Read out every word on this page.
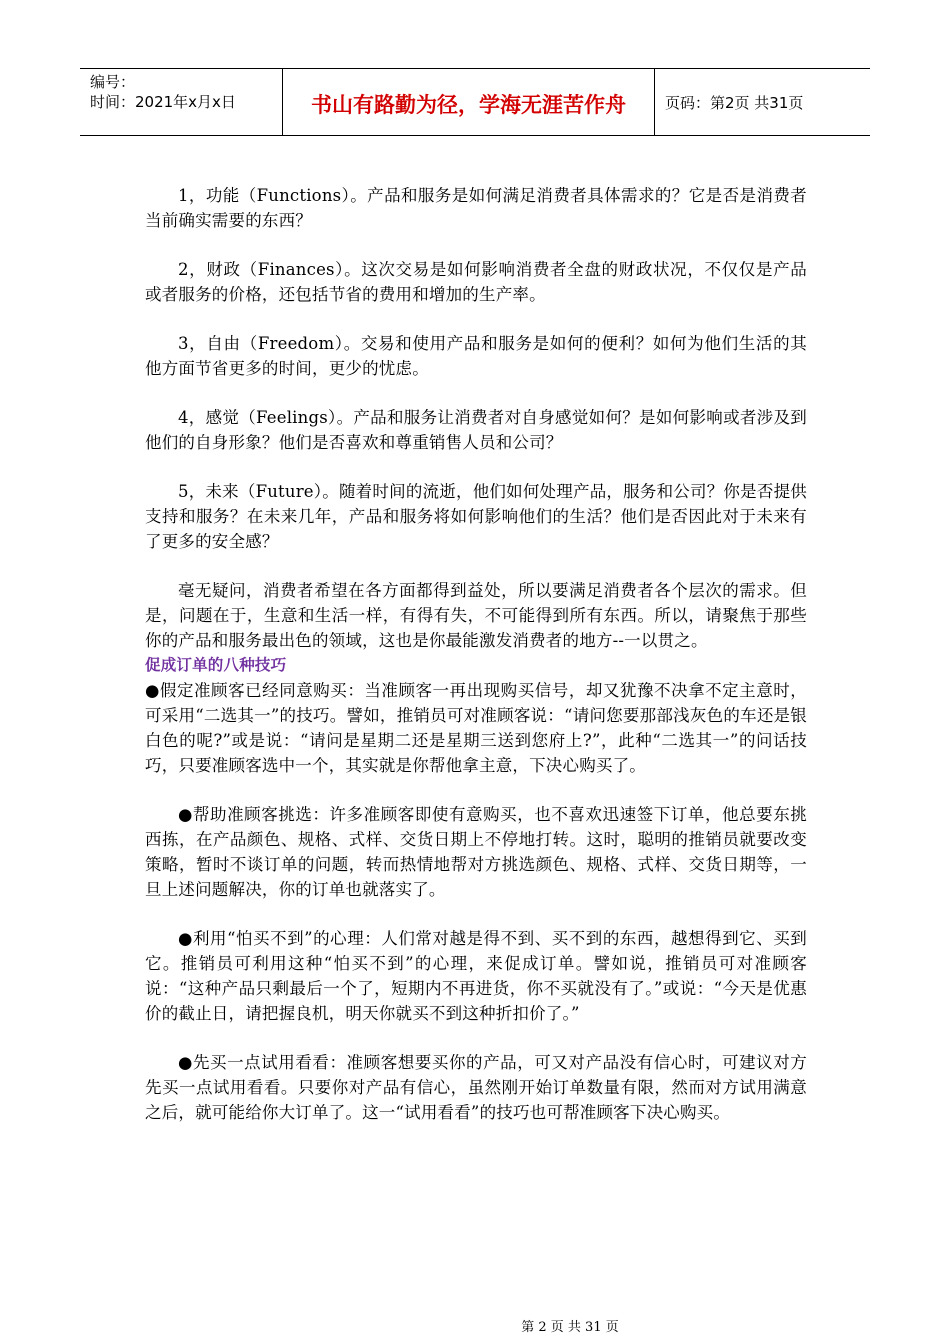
编号：
时间：2021年x月x日	书山有路勤为径，学海无涯苦作舟	页码：第2页 共31页

1，功能（Functions）。产品和服务是如何满足消费者具体需求的？它是否是消费者当前确实需要的东西？

2，财政（Finances）。这次交易是如何影响消费者全盘的财政状况，不仅仅是产品或者服务的价格，还包括节省的费用和增加的生产率。

3，自由（Freedom）。交易和使用产品和服务是如何的便利？如何为他们生活的其他方面节省更多的时间，更少的忧虑。

4，感觉（Feelings）。产品和服务让消费者对自身感觉如何？是如何影响或者涉及到他们的自身形象？他们是否喜欢和尊重销售人员和公司？

5，未来（Future）。随着时间的流逝，他们如何处理产品，服务和公司？你是否提供支持和服务？在未来几年，产品和服务将如何影响他们的生活？他们是否因此对于未来有了更多的安全感？

毫无疑问，消费者希望在各方面都得到益处，所以要满足消费者各个层次的需求。但是，问题在于，生意和生活一样，有得有失，不可能得到所有东西。所以，请聚焦于那些你的产品和服务最出色的领域，这也是你最能激发消费者的地方--一以贯之。

促成订单的八种技巧

●假定准顾客已经同意购买：当准顾客一再出现购买信号，却又犹豫不决拿不定主意时，可采用“二选其一”的技巧。譬如，推销员可对准顾客说：“请问您要那部浅灰色的车还是银白色的呢?”或是说：“请问是星期二还是星期三送到您府上?”，此种“二选其一”的问话技巧，只要准顾客选中一个，其实就是你帮他拿主意，下决心购买了。

●帮助准顾客挑选：许多准顾客即使有意购买，也不喜欢迅速签下订单，他总要东挑西拣，在产品颜色、规格、式样、交货日期上不停地打转。这时，聪明的推销员就要改变策略，暂时不谈订单的问题，转而热情地帮对方挑选颜色、规格、式样、交货日期等，一旦上述问题解决，你的订单也就落实了。

●利用“怕买不到”的心理：人们常对越是得不到、买不到的东西，越想得到它、买到它。推销员可利用这种“怕买不到”的心理，来促成订单。譬如说，推销员可对准顾客说：“这种产品只剩最后一个了，短期内不再进货，你不买就没有了。”或说：“今天是优惠价的截止日，请把握良机，明天你就买不到这种折扣价了。”

●先买一点试用看看：准顾客想要买你的产品，可又对产品没有信心时，可建议对方先买一点试用看看。只要你对产品有信心，虽然刚开始订单数量有限，然而对方试用满意之后，就可能给你大订单了。这一“试用看看”的技巧也可帮准顾客下决心购买。

第 2 页 共 31 页
